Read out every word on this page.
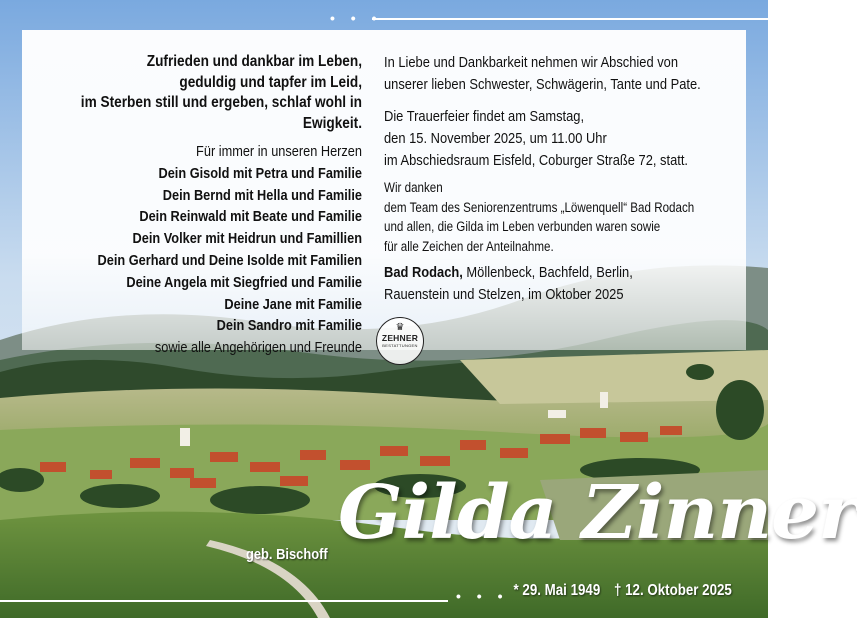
• • •
Zufrieden und dankbar im Leben,
geduldig und tapfer im Leid,
im Sterben still und ergeben, schlaf wohl in Ewigkeit.
Für immer in unseren Herzen
Dein Gisold mit Petra und Familie
Dein Bernd mit Hella und Familie
Dein Reinwald mit Beate und Familie
Dein Volker mit Heidrun und Famillien
Dein Gerhard und Deine Isolde mit Familien
Deine Angela mit Siegfried und Familie
Deine Jane mit Familie
Dein Sandro mit Familie
sowie alle Angehörigen und Freunde
In Liebe und Dankbarkeit nehmen wir Abschied von
unserer lieben Schwester, Schwägerin, Tante und Pate.
Die Trauerfeier findet am Samstag,
den 15. November 2025, um 11.00 Uhr
im Abschiedsraum Eisfeld, Coburger Straße 72, statt.
Wir danken
dem Team des Seniorenzentrums „Löwenquell“ Bad Rodach
und allen, die Gilda im Leben verbunden waren sowie
für alle Zeichen der Anteilnahme.
Bad Rodach, Möllenbeck, Bachfeld, Berlin,
Rauenstein und Stelzen, im Oktober 2025
♛
ZEHNER
BESTATTUNGEN
geb. Bischoff Gilda Zinner
• • • * 29. Mai 1949 † 12. Oktober 2025
